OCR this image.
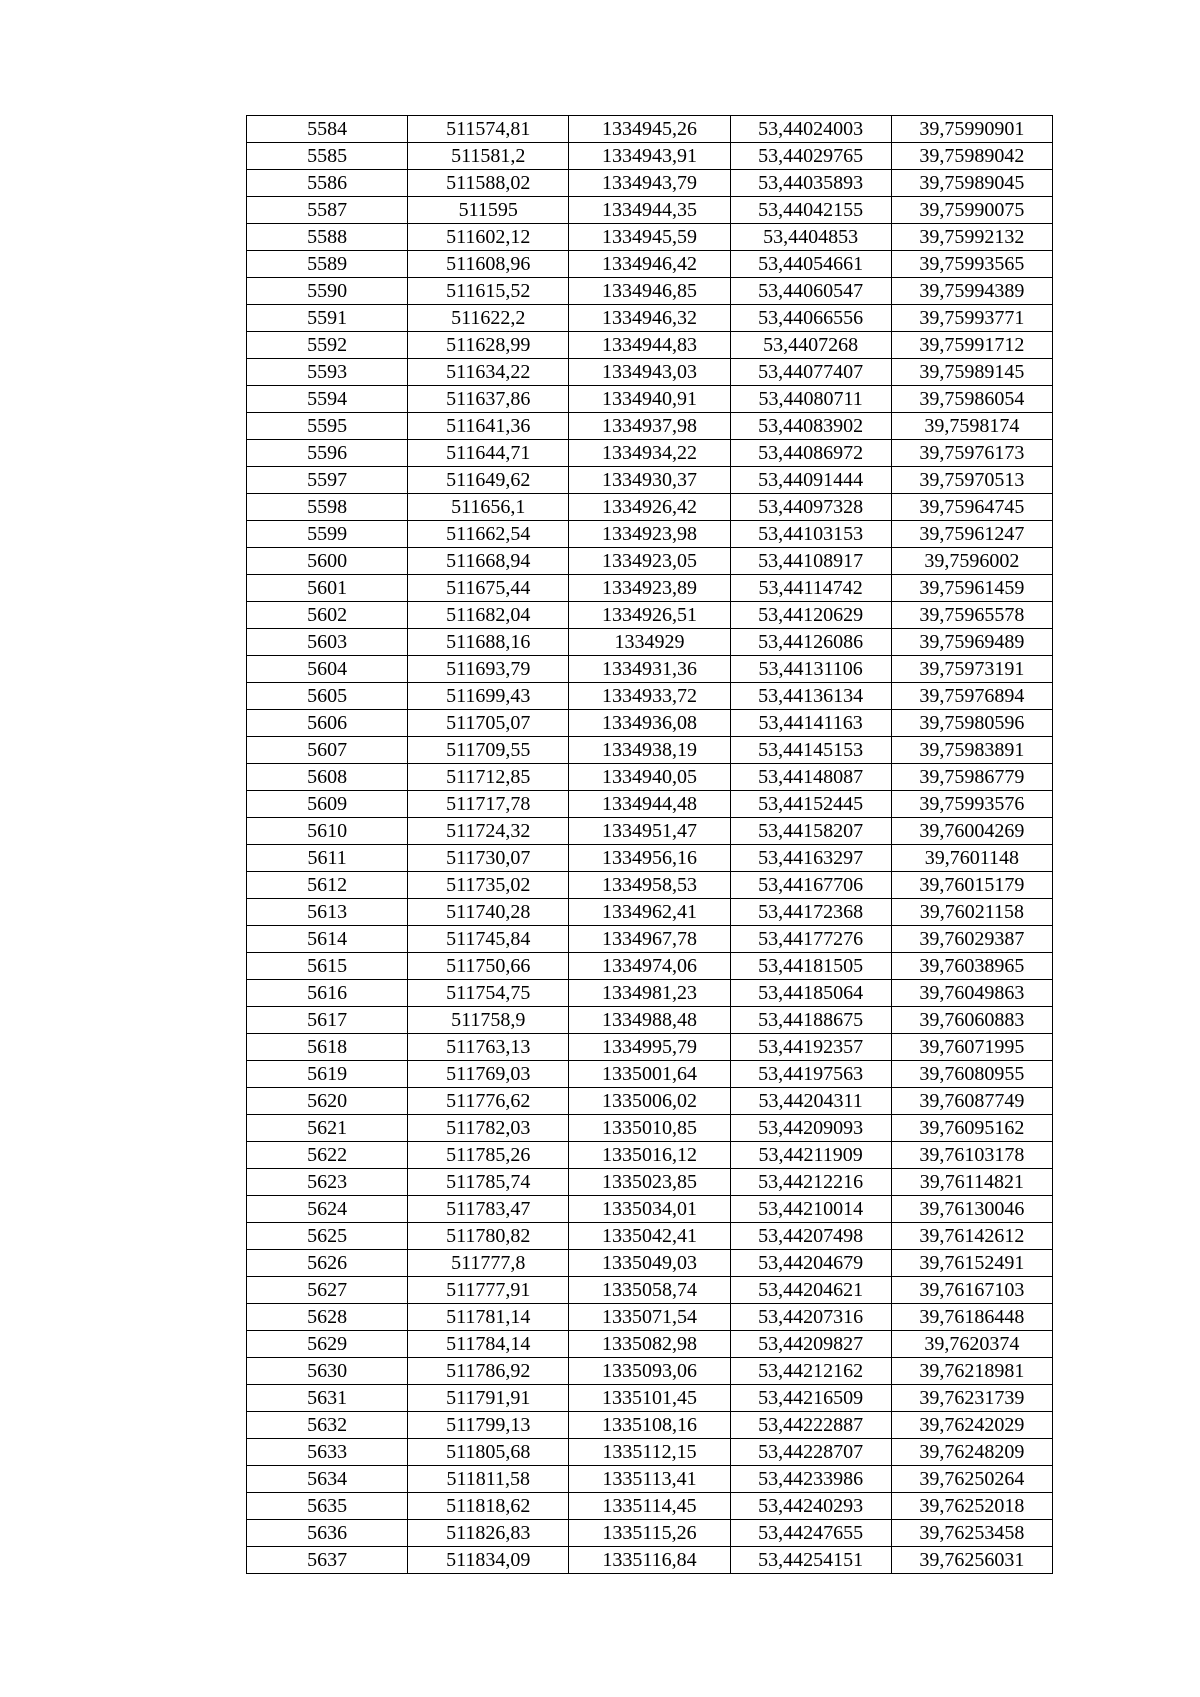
5584	511574,81	1334945,26	53,44024003	39,75990901
5585	511581,2	1334943,91	53,44029765	39,75989042
5586	511588,02	1334943,79	53,44035893	39,75989045
5587	511595	1334944,35	53,44042155	39,75990075
5588	511602,12	1334945,59	53,4404853	39,75992132
5589	511608,96	1334946,42	53,44054661	39,75993565
5590	511615,52	1334946,85	53,44060547	39,75994389
5591	511622,2	1334946,32	53,44066556	39,75993771
5592	511628,99	1334944,83	53,4407268	39,75991712
5593	511634,22	1334943,03	53,44077407	39,75989145
5594	511637,86	1334940,91	53,44080711	39,75986054
5595	511641,36	1334937,98	53,44083902	39,7598174
5596	511644,71	1334934,22	53,44086972	39,75976173
5597	511649,62	1334930,37	53,44091444	39,75970513
5598	511656,1	1334926,42	53,44097328	39,75964745
5599	511662,54	1334923,98	53,44103153	39,75961247
5600	511668,94	1334923,05	53,44108917	39,7596002
5601	511675,44	1334923,89	53,44114742	39,75961459
5602	511682,04	1334926,51	53,44120629	39,75965578
5603	511688,16	1334929	53,44126086	39,75969489
5604	511693,79	1334931,36	53,44131106	39,75973191
5605	511699,43	1334933,72	53,44136134	39,75976894
5606	511705,07	1334936,08	53,44141163	39,75980596
5607	511709,55	1334938,19	53,44145153	39,75983891
5608	511712,85	1334940,05	53,44148087	39,75986779
5609	511717,78	1334944,48	53,44152445	39,75993576
5610	511724,32	1334951,47	53,44158207	39,76004269
5611	511730,07	1334956,16	53,44163297	39,7601148
5612	511735,02	1334958,53	53,44167706	39,76015179
5613	511740,28	1334962,41	53,44172368	39,76021158
5614	511745,84	1334967,78	53,44177276	39,76029387
5615	511750,66	1334974,06	53,44181505	39,76038965
5616	511754,75	1334981,23	53,44185064	39,76049863
5617	511758,9	1334988,48	53,44188675	39,76060883
5618	511763,13	1334995,79	53,44192357	39,76071995
5619	511769,03	1335001,64	53,44197563	39,76080955
5620	511776,62	1335006,02	53,44204311	39,76087749
5621	511782,03	1335010,85	53,44209093	39,76095162
5622	511785,26	1335016,12	53,44211909	39,76103178
5623	511785,74	1335023,85	53,44212216	39,76114821
5624	511783,47	1335034,01	53,44210014	39,76130046
5625	511780,82	1335042,41	53,44207498	39,76142612
5626	511777,8	1335049,03	53,44204679	39,76152491
5627	511777,91	1335058,74	53,44204621	39,76167103
5628	511781,14	1335071,54	53,44207316	39,76186448
5629	511784,14	1335082,98	53,44209827	39,7620374
5630	511786,92	1335093,06	53,44212162	39,76218981
5631	511791,91	1335101,45	53,44216509	39,76231739
5632	511799,13	1335108,16	53,44222887	39,76242029
5633	511805,68	1335112,15	53,44228707	39,76248209
5634	511811,58	1335113,41	53,44233986	39,76250264
5635	511818,62	1335114,45	53,44240293	39,76252018
5636	511826,83	1335115,26	53,44247655	39,76253458
5637	511834,09	1335116,84	53,44254151	39,76256031
